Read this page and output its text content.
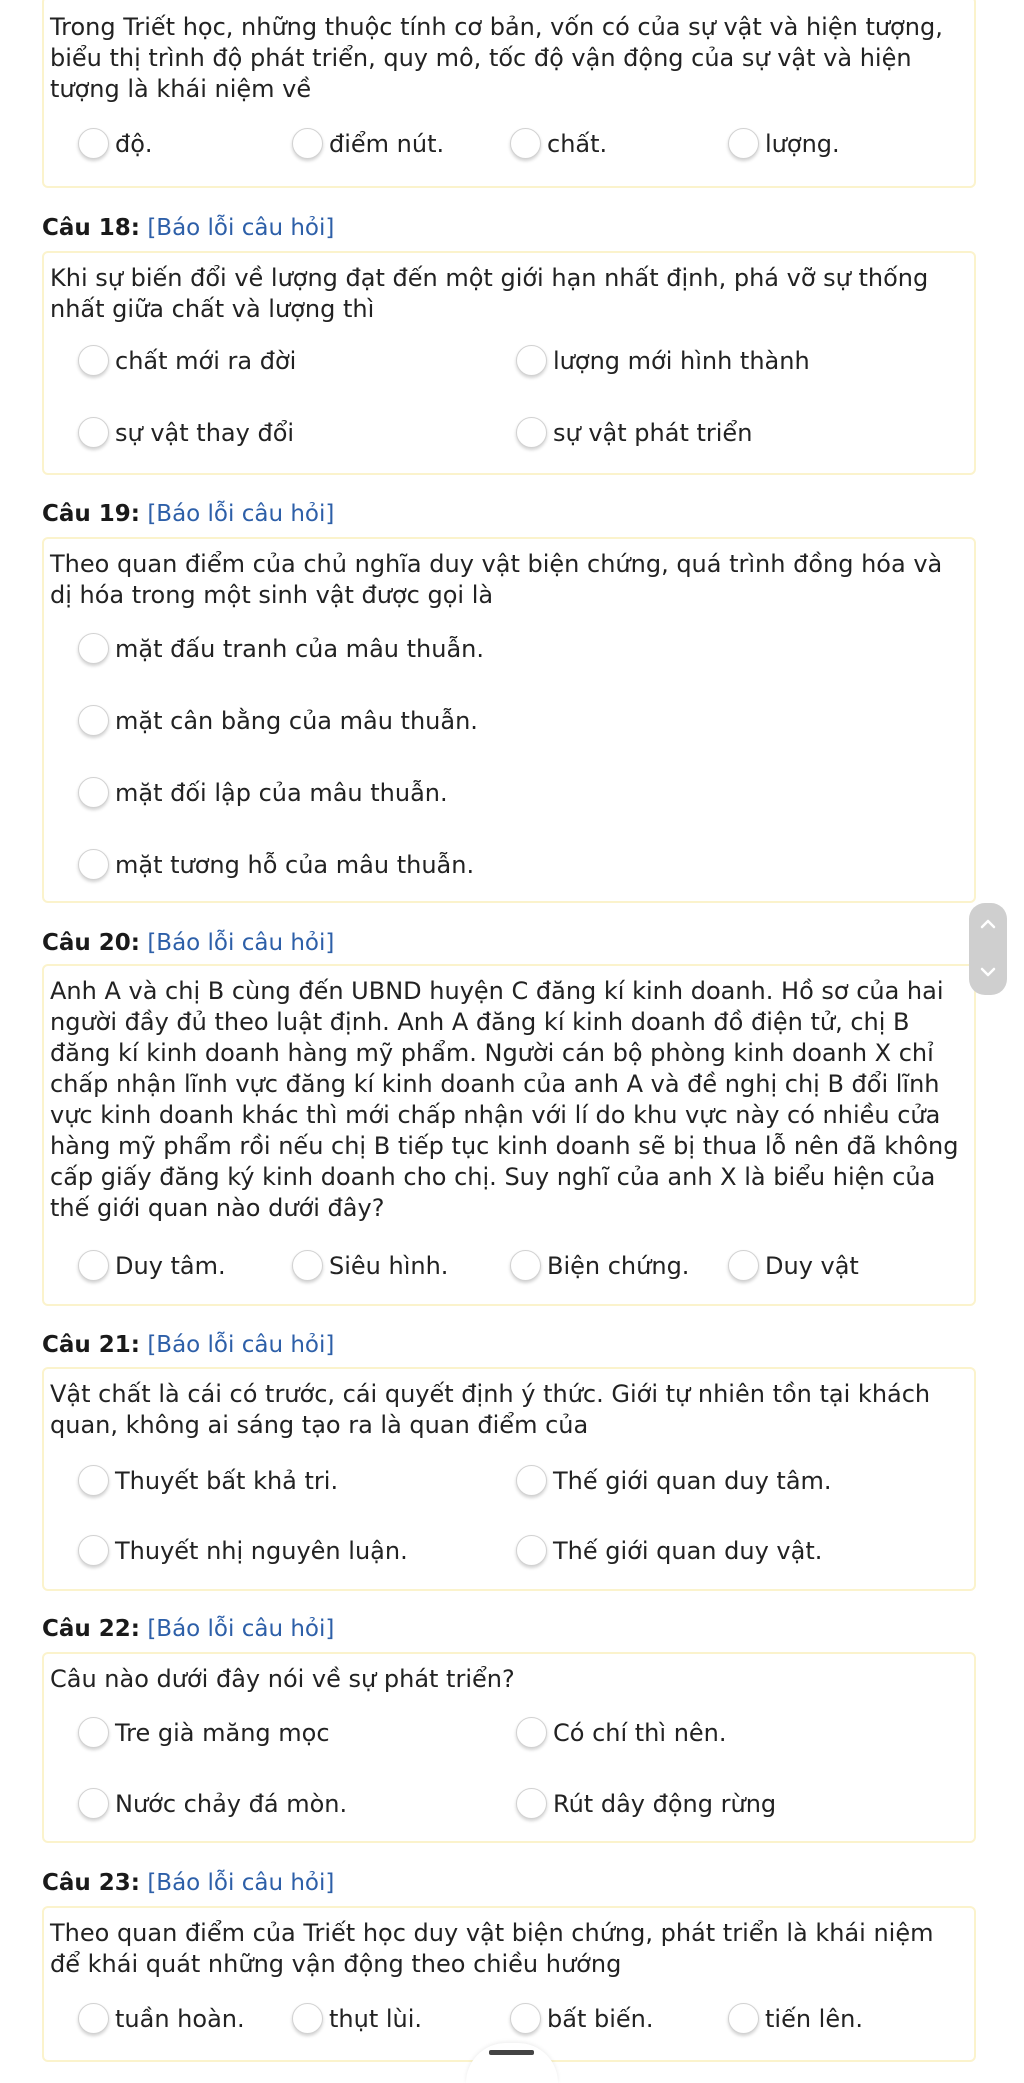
Trong Triết học, những thuộc tính cơ bản, vốn có của sự vật và hiện tượng, biểu thị trình độ phát triển, quy mô, tốc độ vận động của sự vật và hiện tượng là khái niệm về
độ.	điểm nút.	chất.	lượng.
Câu 18: [Báo lỗi câu hỏi]
Khi sự biến đổi về lượng đạt đến một giới hạn nhất định, phá vỡ sự thống nhất giữa chất và lượng thì
chất mới ra đời	lượng mới hình thành
sự vật thay đổi	sự vật phát triển
Câu 19: [Báo lỗi câu hỏi]
Theo quan điểm của chủ nghĩa duy vật biện chứng, quá trình đồng hóa và dị hóa trong một sinh vật được gọi là
mặt đấu tranh của mâu thuẫn.
mặt cân bằng của mâu thuẫn.
mặt đối lập của mâu thuẫn.
mặt tương hỗ của mâu thuẫn.
Câu 20: [Báo lỗi câu hỏi]
Anh A và chị B cùng đến UBND huyện C đăng kí kinh doanh. Hồ sơ của hai người đầy đủ theo luật định. Anh A đăng kí kinh doanh đồ điện tử, chị B đăng kí kinh doanh hàng mỹ phẩm. Người cán bộ phòng kinh doanh X chỉ chấp nhận lĩnh vực đăng kí kinh doanh của anh A và đề nghị chị B đổi lĩnh vực kinh doanh khác thì mới chấp nhận với lí do khu vực này có nhiều cửa hàng mỹ phẩm rồi nếu chị B tiếp tục kinh doanh sẽ bị thua lỗ nên đã không cấp giấy đăng ký kinh doanh cho chị. Suy nghĩ của anh X là biểu hiện của thế giới quan nào dưới đây?
Duy tâm.	Siêu hình.	Biện chứng.	Duy vật
Câu 21: [Báo lỗi câu hỏi]
Vật chất là cái có trước, cái quyết định ý thức. Giới tự nhiên tồn tại khách quan, không ai sáng tạo ra là quan điểm của
Thuyết bất khả tri.	Thế giới quan duy tâm.
Thuyết nhị nguyên luận.	Thế giới quan duy vật.
Câu 22: [Báo lỗi câu hỏi]
Câu nào dưới đây nói về sự phát triển?
Tre già măng mọc	Có chí thì nên.
Nước chảy đá mòn.	Rút dây động rừng
Câu 23: [Báo lỗi câu hỏi]
Theo quan điểm của Triết học duy vật biện chứng, phát triển là khái niệm để khái quát những vận động theo chiều hướng
tuần hoàn.	thụt lùi.	bất biến.	tiến lên.
